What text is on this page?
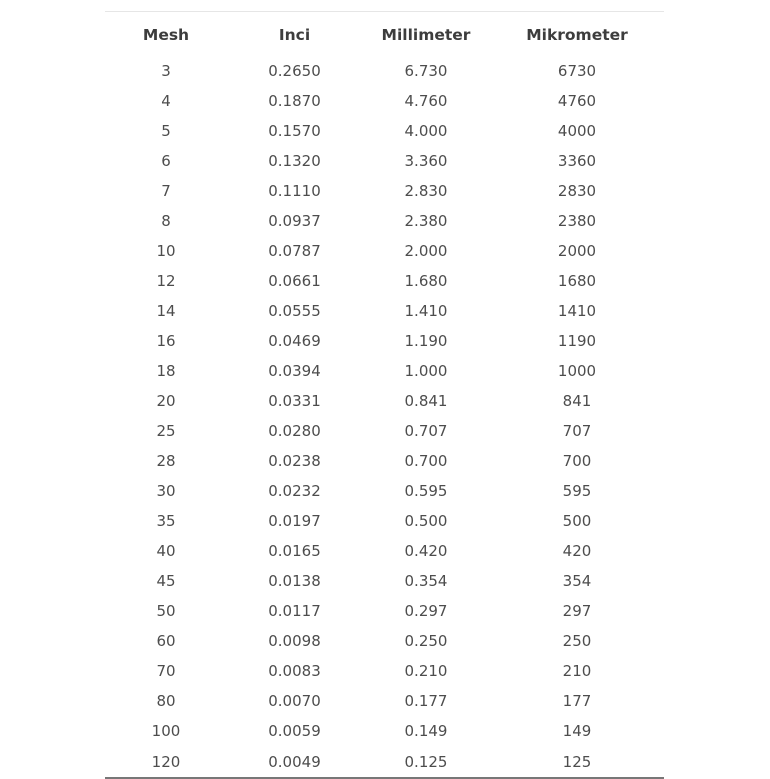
Mesh	Inci	Millimeter	Mikrometer
3	0.2650	6.730	6730
4	0.1870	4.760	4760
5	0.1570	4.000	4000
6	0.1320	3.360	3360
7	0.1110	2.830	2830
8	0.0937	2.380	2380
10	0.0787	2.000	2000
12	0.0661	1.680	1680
14	0.0555	1.410	1410
16	0.0469	1.190	1190
18	0.0394	1.000	1000
20	0.0331	0.841	841
25	0.0280	0.707	707
28	0.0238	0.700	700
30	0.0232	0.595	595
35	0.0197	0.500	500
40	0.0165	0.420	420
45	0.0138	0.354	354
50	0.0117	0.297	297
60	0.0098	0.250	250
70	0.0083	0.210	210
80	0.0070	0.177	177
100	0.0059	0.149	149
120	0.0049	0.125	125
